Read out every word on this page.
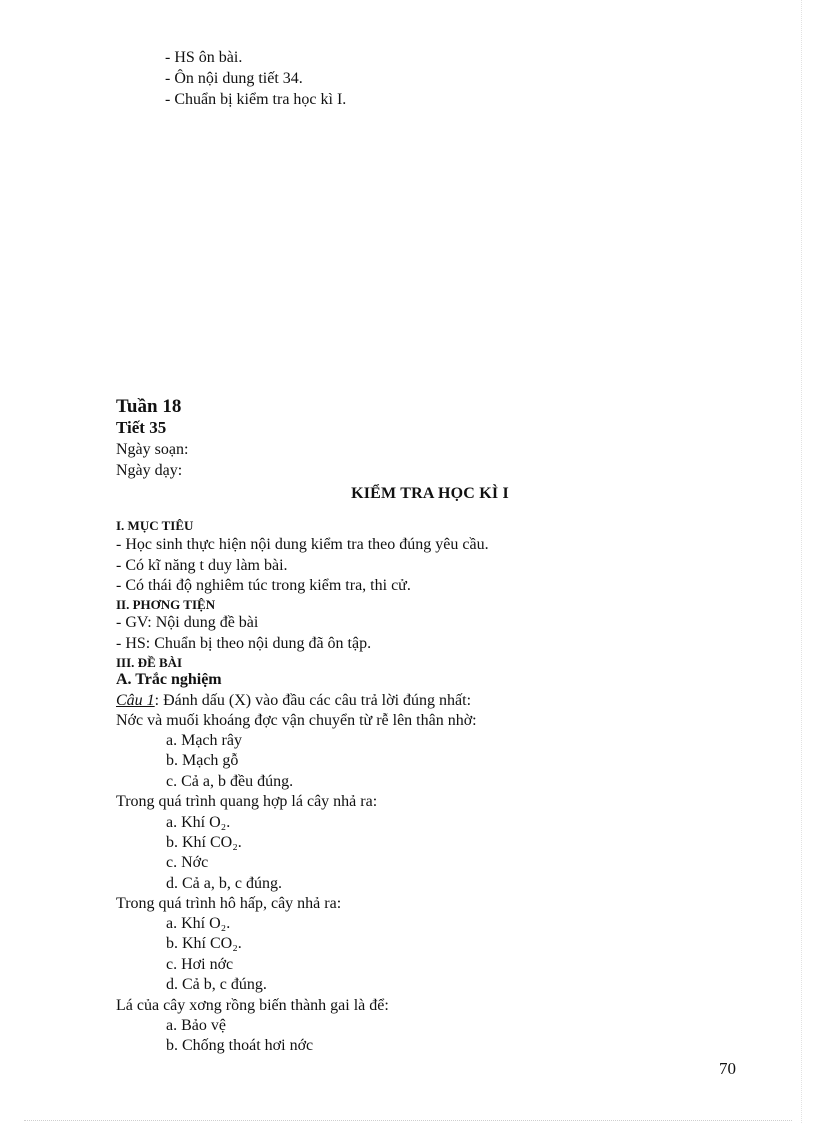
- HS ôn bài.
- Ôn nội dung tiết 34.
- Chuẩn bị kiểm tra học kì I.
Tuần 18
Tiết 35
Ngày soạn:
Ngày dạy:
KIỂM TRA HỌC KÌ I
I. MỤC TIÊU
- Học sinh thực hiện nội dung kiểm tra theo đúng yêu cầu.
- Có kĩ năng t duy làm bài.
- Có thái độ nghiêm túc trong kiểm tra, thi cử.
II. PHƠNG TIỆN
- GV: Nội dung đề bài
- HS: Chuẩn bị theo nội dung đã ôn tập.
III. ĐỀ BÀI
A. Trắc nghiệm
Câu 1: Đánh dấu (X) vào đầu các câu trả lời đúng nhất:
Nớc và muối khoáng đợc vận chuyển từ rễ lên thân nhờ:
a. Mạch rây
b. Mạch gỗ
c. Cả a, b đều đúng.
Trong quá trình quang hợp lá cây nhả ra:
a. Khí O₂.
b. Khí CO₂.
c. Nớc
d. Cả a, b, c đúng.
Trong quá trình hô hấp, cây nhả ra:
a. Khí O₂.
b. Khí CO₂.
c. Hơi nớc
d. Cả b, c đúng.
Lá của cây xơng rồng biến thành gai là để:
a. Bảo vệ
b. Chống thoát hơi nớc
70
